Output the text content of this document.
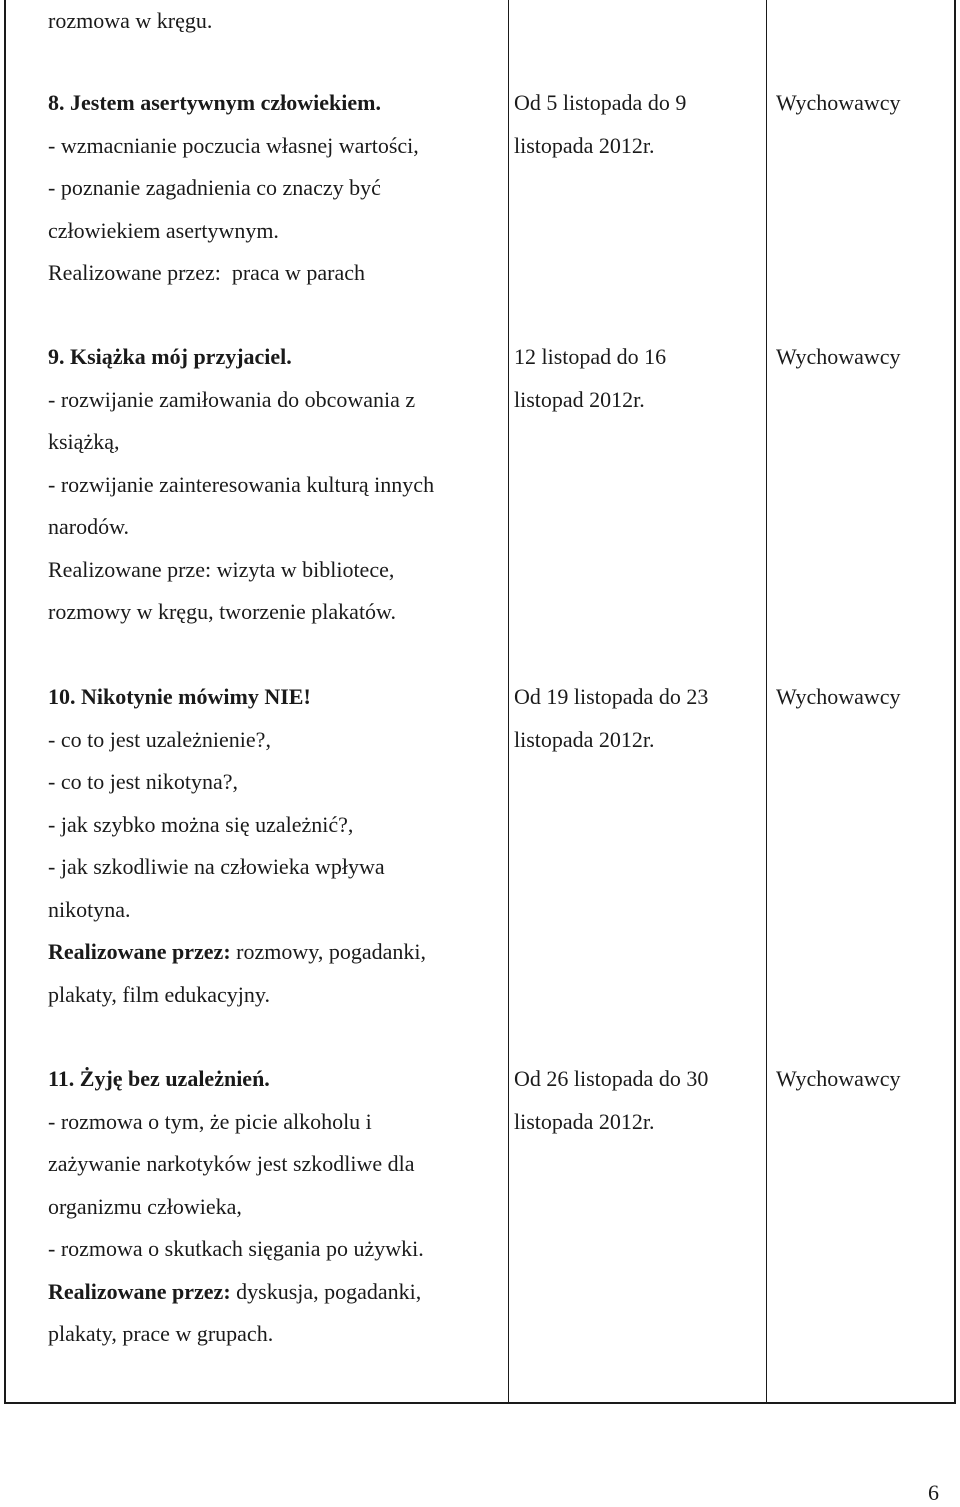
rozmowa w kręgu.
8. Jestem asertywnym człowiekiem.
- wzmacnianie poczucia własnej wartości,
- poznanie zagadnienia co znaczy być
człowiekiem asertywnym.
Realizowane przez:  praca w parach
Od 5 listopada do 9
listopada 2012r.
Wychowawcy
9. Książka mój przyjaciel.
- rozwijanie zamiłowania do obcowania z
książką,
- rozwijanie zainteresowania kulturą innych
narodów.
Realizowane prze: wizyta w bibliotece,
rozmowy w kręgu, tworzenie plakatów.
12 listopad do 16
listopad 2012r.
Wychowawcy
10. Nikotynie mówimy NIE!
- co to jest uzależnienie?,
- co to jest nikotyna?,
- jak szybko można się uzależnić?,
- jak szkodliwie na człowieka wpływa
nikotyna.
Realizowane przez: rozmowy, pogadanki,
plakaty, film edukacyjny.
Od 19 listopada do 23
listopada 2012r.
Wychowawcy
11. Żyję bez uzależnień.
- rozmowa o tym, że picie alkoholu i
zażywanie narkotyków jest szkodliwe dla
organizmu człowieka,
- rozmowa o skutkach sięgania po używki.
Realizowane przez: dyskusja, pogadanki,
plakaty, prace w grupach.
Od 26 listopada do 30
listopada 2012r.
Wychowawcy
6
